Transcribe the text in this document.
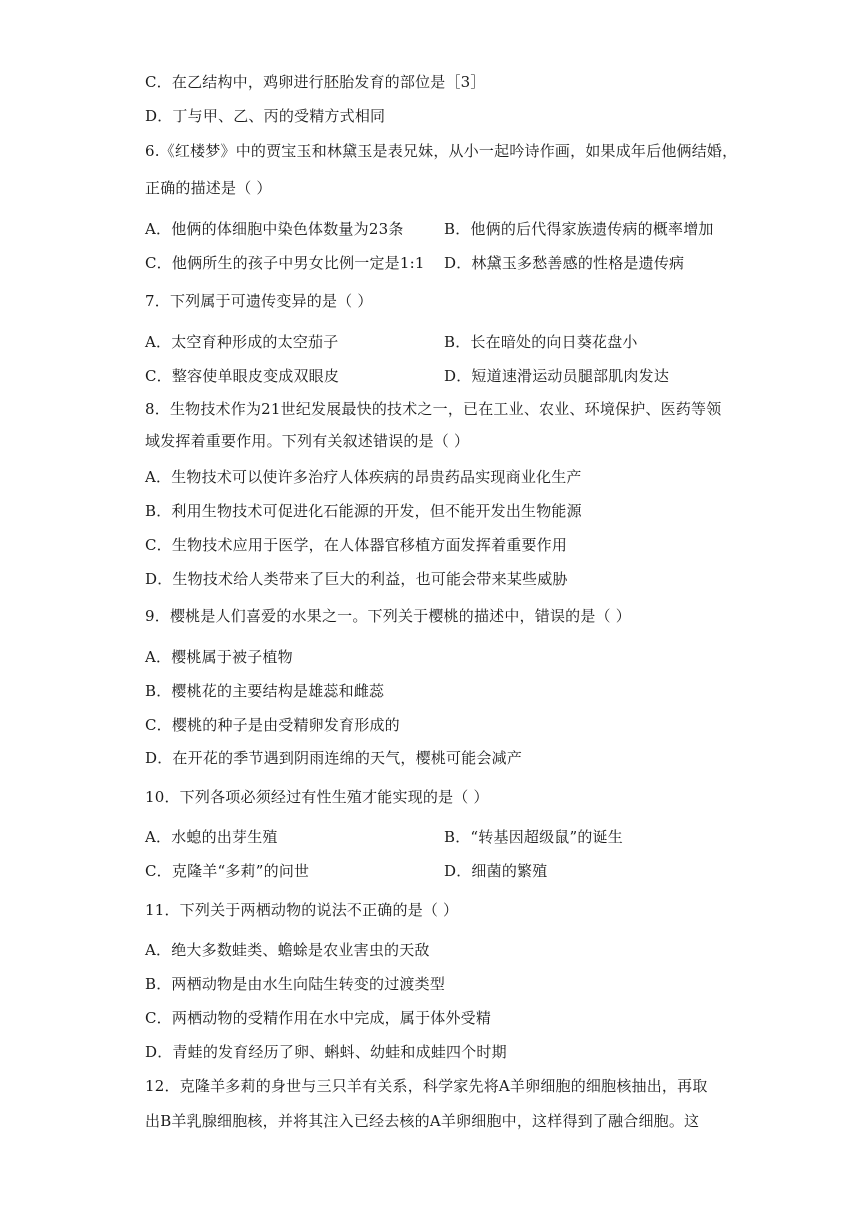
C．在乙结构中，鸡卵进行胚胎发育的部位是［3］
D．丁与甲、乙、丙的受精方式相同
6.《红楼梦》中的贾宝玉和林黛玉是表兄妹，从小一起吟诗作画，如果成年后他俩结婚，
正确的描述是（ ）
A．他俩的体细胞中染色体数量为23条	B．他俩的后代得家族遗传病的概率增加
C．他俩所生的孩子中男女比例一定是1:1 D．林黛玉多愁善感的性格是遗传病
7．下列属于可遗传变异的是（ ）
A．太空育种形成的太空茄子	B．长在暗处的向日葵花盘小
C．整容使单眼皮变成双眼皮	D．短道速滑运动员腿部肌肉发达
8．生物技术作为21世纪发展最快的技术之一，已在工业、农业、环境保护、医药等领
域发挥着重要作用。下列有关叙述错误的是（ ）
A．生物技术可以使许多治疗人体疾病的昂贵药品实现商业化生产
B．利用生物技术可促进化石能源的开发，但不能开发出生物能源
C．生物技术应用于医学，在人体器官移植方面发挥着重要作用
D．生物技术给人类带来了巨大的利益，也可能会带来某些威胁
9．樱桃是人们喜爱的水果之一。下列关于樱桃的描述中，错误的是（ ）
A．樱桃属于被子植物
B．樱桃花的主要结构是雄蕊和雌蕊
C．樱桃的种子是由受精卵发育形成的
D．在开花的季节遇到阴雨连绵的天气，樱桃可能会减产
10．下列各项必须经过有性生殖才能实现的是（ ）
A．水螅的出芽生殖	B．“转基因超级鼠”的诞生
C．克隆羊“多莉”的问世	D．细菌的繁殖
11．下列关于两栖动物的说法不正确的是（ ）
A．绝大多数蛙类、蟾蜍是农业害虫的天敌
B．两栖动物是由水生向陆生转变的过渡类型
C．两栖动物的受精作用在水中完成，属于体外受精
D．青蛙的发育经历了卵、蝌蚪、幼蛙和成蛙四个时期
12．克隆羊多莉的身世与三只羊有关系，科学家先将A羊卵细胞的细胞核抽出，再取
出B羊乳腺细胞核，并将其注入已经去核的A羊卵细胞中，这样得到了融合细胞。这
